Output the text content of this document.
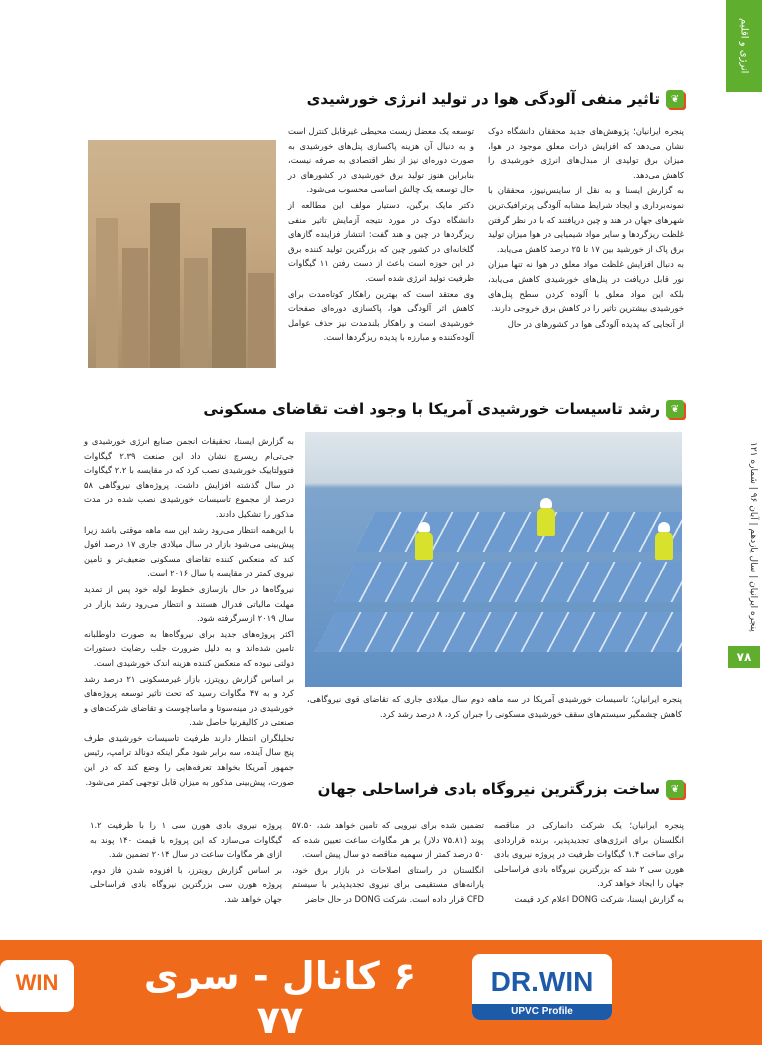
انرژی و اقلیم
پنجره ایرانیان | سال یازدهم | آبان ۹۶ | شماره ۱۲۱
۷۸
❦
تاثیر منفی آلودگی هوا در تولید انرژی خورشیدی

پنجره ایرانیان؛ پژوهش‌های جدید محققان دانشگاه دوک نشان می‌دهد که افزایش ذرات معلق موجود در هوا، میزان برق تولیدی از مبدل‌های انرژی خورشیدی را کاهش می‌دهد.

به گزارش ایسنا و به نقل از ساینس‌نیوز، محققان با نمونه‌برداری و ایجاد شرایط مشابه آلودگی پرترافیک‌ترین شهرهای جهان در هند و چین دریافتند که با در نظر گرفتن غلظت ریزگردها و سایر مواد شیمیایی در هوا میزان تولید برق پاک از خورشید بین ۱۷ تا ۲۵ درصد کاهش می‌یابد.

به دنبال افزایش غلظت مواد معلق در هوا نه تنها میزان نور قابل دریافت در پنل‌های خورشیدی کاهش می‌یابد، بلکه این مواد معلق با آلوده کردن سطح پنل‌های خورشیدی بیشترین تاثیر را در کاهش برق خروجی دارند.

از آنجایی که پدیده آلودگی هوا در کشورهای در حال

توسعه یک معضل زیست محیطی غیرقابل کنترل است و به دنبال آن هزینه پاکسازی پنل‌های خورشیدی به صورت دوره‌ای نیز از نظر اقتصادی به صرفه نیست، بنابراین هنوز تولید برق خورشیدی در کشورهای در حال توسعه یک چالش اساسی محسوب می‌شود.

دکتر مایک برگین، دستیار مولف این مطالعه از دانشگاه دوک در مورد نتیجه آزمایش تاثیر منفی ریزگردها در چین و هند گفت: انتشار فزاینده گازهای گلخانه‌ای در کشور چین که بزرگترین تولید کننده برق در این حوزه است باعث از دست رفتن ۱۱ گیگاوات ظرفیت تولید انرژی شده است.

وی معتقد است که بهترین راهکار کوتاه‌مدت برای کاهش اثر آلودگی هوا، پاکسازی دوره‌ای صفحات خورشیدی است و راهکار بلندمدت نیز حذف عوامل آلوده‌کننده و مبارزه با پدیده ریزگردها است.

❦
رشد تاسیسات خورشیدی آمریکا با وجود افت تقاضای مسکونی
پنجره ایرانیان؛ تاسیسات خورشیدی آمریکا در سه ماهه دوم سال میلادی جاری که تقاضای قوی نیروگاهی، کاهش چشمگیر سیستم‌های سقف خورشیدی مسکونی را جبران کرد، ۸ درصد رشد کرد.

به گزارش ایسنا، تحقیقات انجمن صنایع انرژی خورشیدی و جی‌تی‌ام ریسرچ نشان داد این صنعت ۲.۳۹ گیگاوات فتوولتاییک خورشیدی نصب کرد که در مقایسه با ۲.۲ گیگاوات در سال گذشته افزایش داشت. پروژه‌های نیروگاهی ۵۸ درصد از مجموع تاسیسات خورشیدی نصب شده در مدت مذکور را تشکیل دادند.

با این‌همه انتظار می‌رود رشد این سه ماهه موقتی باشد زیرا پیش‌بینی می‌شود بازار در سال میلادی جاری ۱۷ درصد افول کند که منعکس کننده تقاضای مسکونی ضعیف‌تر و تامین نیروی کمتر در مقایسه با سال ۲۰۱۶ است.

نیروگاه‌ها در حال بازسازی خطوط لوله خود پس از تمدید مهلت مالیاتی فدرال هستند و انتظار می‌رود رشد بازار در سال ۲۰۱۹ ازسرگرفته شود.

اکثر پروژه‌های جدید برای نیروگاه‌ها به صورت داوطلبانه تامین شده‌اند و به دلیل ضرورت جلب رضایت دستورات دولتی نبوده که منعکس کننده هزینه اندک خورشیدی است.

بر اساس گزارش رویترز، بازار غیرمسکونی ۲۱ درصد رشد کرد و به ۴۷ مگاوات رسید که تحت تاثیر توسعه پروژه‌های خورشیدی در مینه‌سوتا و ماساچوست و تقاضای شرکت‌های و صنعتی در کالیفرنیا حاصل شد.

تحلیلگران انتظار دارند ظرفیت تاسیسات خورشیدی طرف پنج سال آینده، سه برابر شود مگر اینکه دونالد ترامپ، رئیس جمهور آمریکا بخواهد تعرفه‌هایی را وضع کند که در این صورت، پیش‌بینی مذکور به میزان قابل توجهی کمتر می‌شود.

❦
ساخت بزرگترین نیروگاه بادی فراساحلی جهان

پنجره ایرانیان؛ یک شرکت دانمارکی در مناقصه انگلستان برای انرژی‌های تجدیدپذیر، برنده قراردادی برای ساخت ۱.۴ گیگاوات ظرفیت در پروژه نیروی بادی هورن سی ۲ شد که بزرگترین نیروگاه بادی فراساحلی جهان را ایجاد خواهد کرد.

به گزارش ایسنا، شرکت DONG اعلام کرد قیمت

تضمین شده برای نیرویی که تامین خواهد شد، ۵۷.۵۰ پوند (۷۵.۸۱ دلار) بر هر مگاوات ساعت تعیین شده که ۵۰ درصد کمتر از سهمیه مناقصه دو سال پیش است.

انگلستان در راستای اصلاحات در بازار برق خود، یارانه‌های مستقیمی برای نیروی تجدیدپذیر با سیستم CFD قرار داده است. شرکت DONG در حال حاضر

پروژه نیروی بادی هورن سی ۱ را با ظرفیت ۱.۲ گیگاوات می‌سازد که این پروژه با قیمت ۱۴۰ پوند به ازای هر مگاوات ساعت در سال ۲۰۱۴ تضمین شد.

بر اساس گزارش رویترز، با افزوده شدن فاز دوم، پروژه هورن سی بزرگترین نیروگاه بادی فراساحلی جهان خواهد شد.

۶ کانال - سری ۷۷
DR.WIN
UPVC Profile
WIN
